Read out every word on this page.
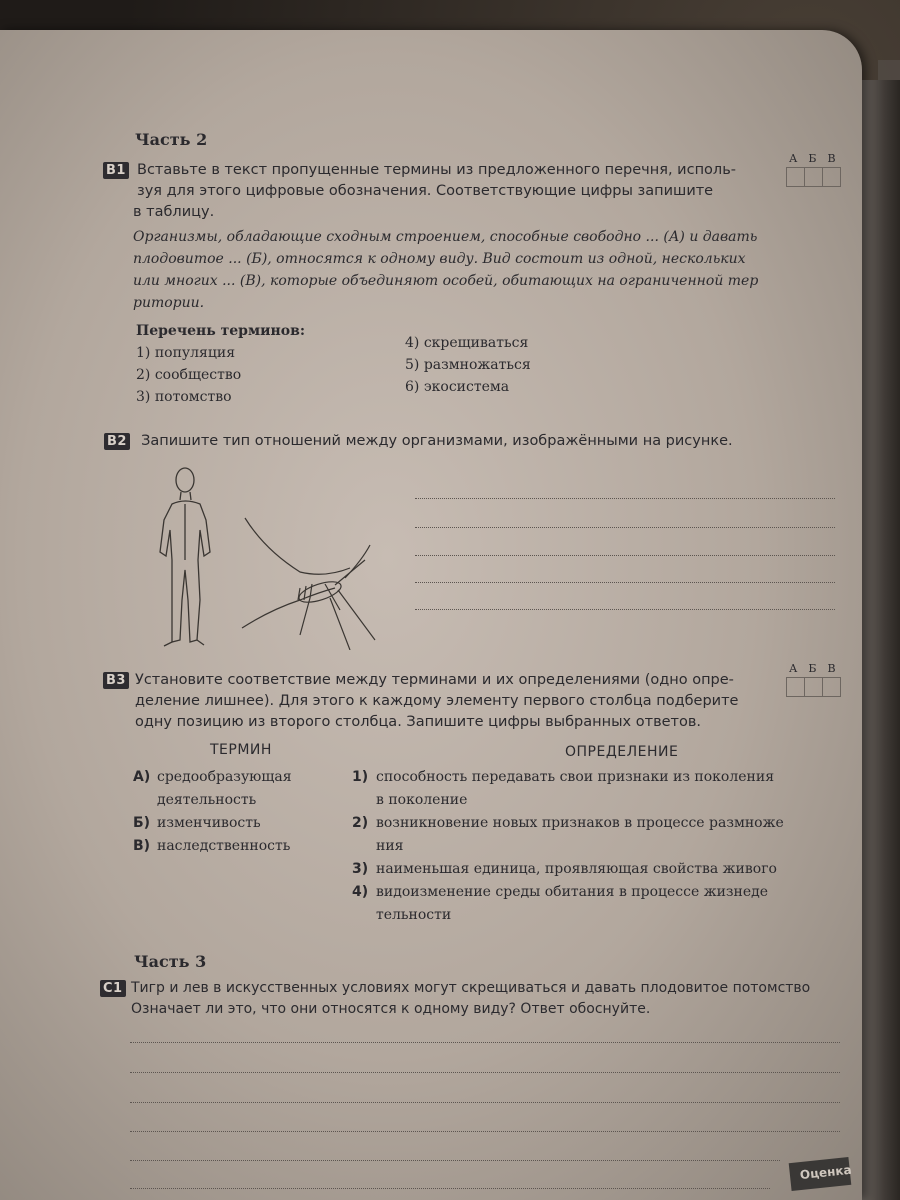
Часть 2
В1 Вставьте в текст пропущенные термины из предложенного перечня, исполь-
зуя для этого цифровые обозначения. Соответствующие цифры запишите
в таблицу.
А Б В
Организмы, обладающие сходным строением, способные свободно ... (А) и давать
плодовитое ... (Б), относятся к одному виду. Вид состоит из одной, нескольких
или многих ... (В), которые объединяют особей, обитающих на ограниченной тер
ритории.
Перечень терминов:
1) популяция
2) сообщество
3) потомство
4) скрещиваться
5) размножаться
6) экосистема
В2 Запишите тип отношений между организмами, изображёнными на рисунке.
В3 Установите соответствие между терминами и их определениями (одно опре-
деление лишнее). Для этого к каждому элементу первого столбца подберите
одну позицию из второго столбца. Запишите цифры выбранных ответов.
А Б В
ТЕРМИН	ОПРЕДЕЛЕНИЕ
А) средообразующая
деятельность
Б) изменчивость
В) наследственность
1) способность передавать свои признаки из поколения
в поколение
2) возникновение новых признаков в процессе размноже
ния
3) наименьшая единица, проявляющая свойства живого
4) видоизменение среды обитания в процессе жизнеде
тельности
Часть 3
С1 Тигр и лев в искусственных условиях могут скрещиваться и давать плодовитое потомство
Означает ли это, что они относятся к одному виду? Ответ обоснуйте.
Оценка
